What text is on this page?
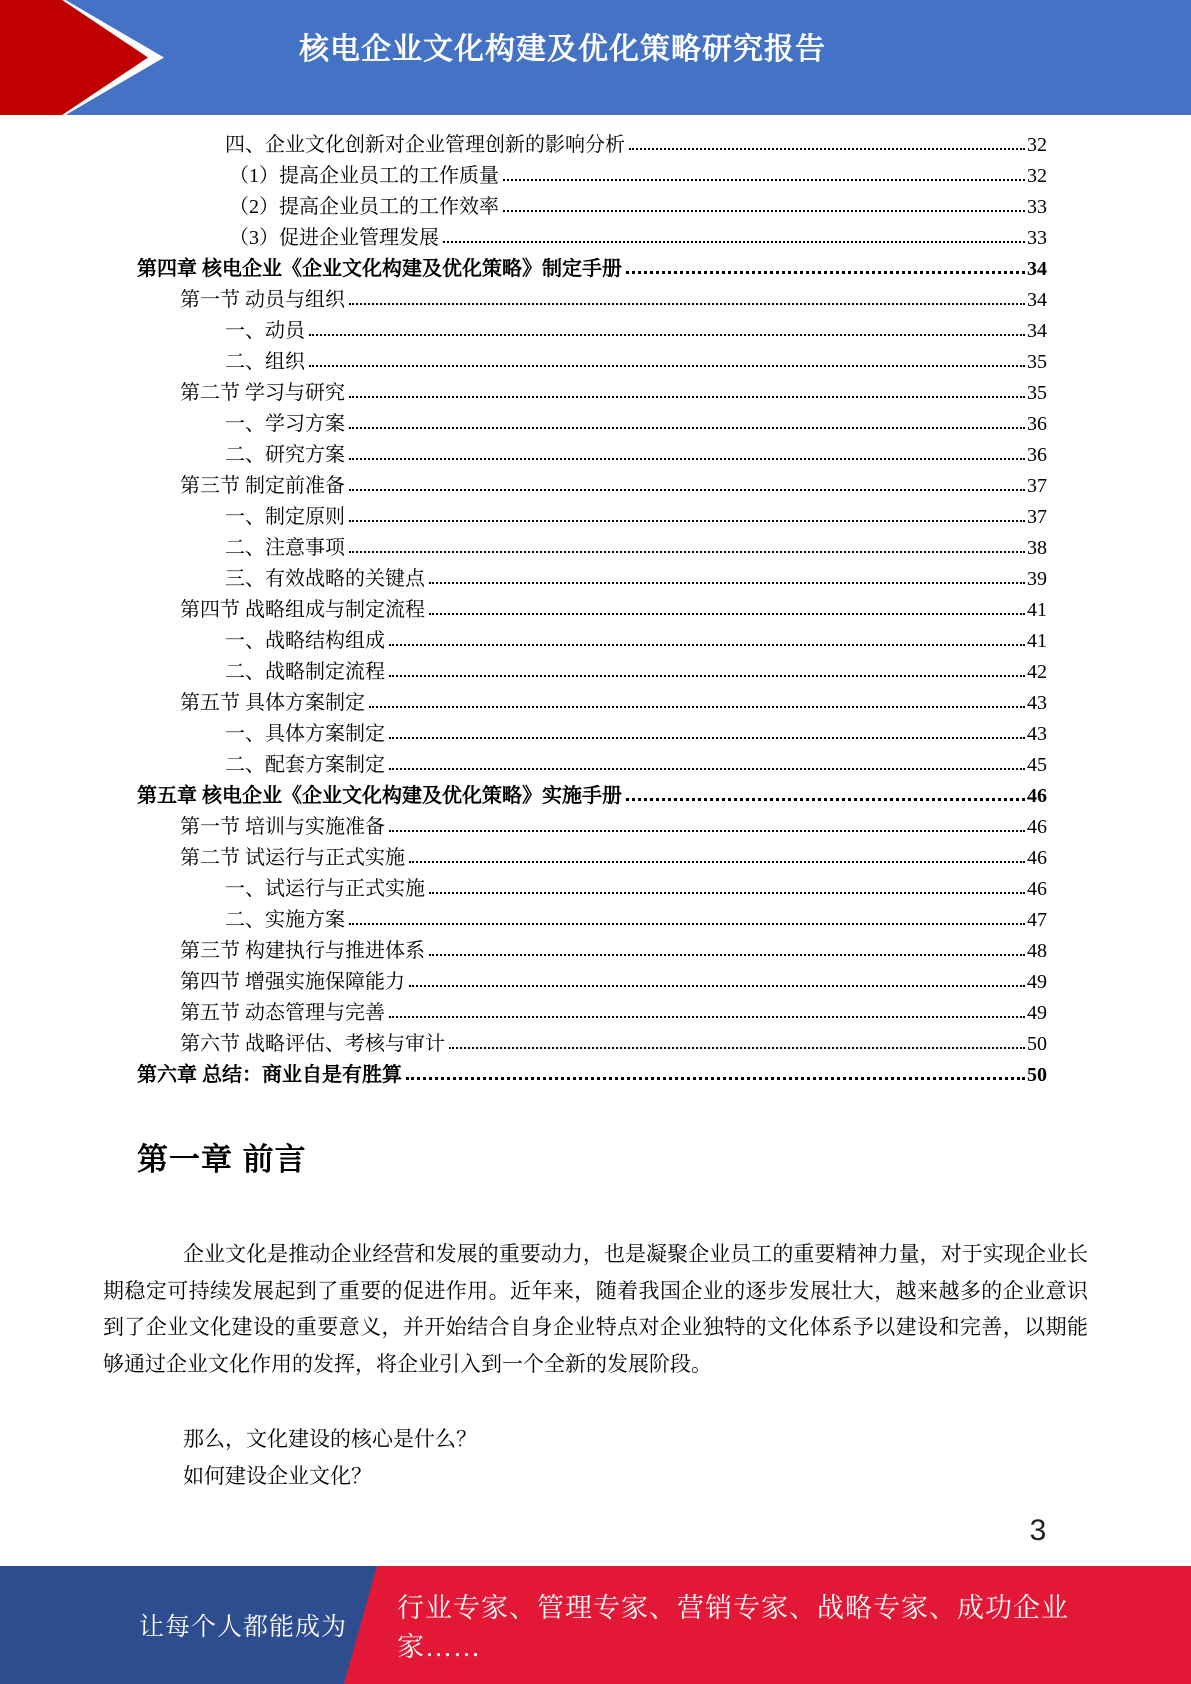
核电企业文化构建及优化策略研究报告
四、企业文化创新对企业管理创新的影响分析	32
（1）提高企业员工的工作质量	32
（2）提高企业员工的工作效率	33
（3）促进企业管理发展	33
第四章 核电企业《企业文化构建及优化策略》制定手册	34
第一节 动员与组织	34
一、动员	34
二、组织	35
第二节 学习与研究	35
一、学习方案	36
二、研究方案	36
第三节 制定前准备	37
一、制定原则	37
二、注意事项	38
三、有效战略的关键点	39
第四节 战略组成与制定流程	41
一、战略结构组成	41
二、战略制定流程	42
第五节 具体方案制定	43
一、具体方案制定	43
二、配套方案制定	45
第五章 核电企业《企业文化构建及优化策略》实施手册	46
第一节 培训与实施准备	46
第二节 试运行与正式实施	46
一、试运行与正式实施	46
二、实施方案	47
第三节 构建执行与推进体系	48
第四节 增强实施保障能力	49
第五节 动态管理与完善	49
第六节 战略评估、考核与审计	50
第六章 总结：商业自是有胜算	50
第一章 前言

企业文化是推动企业经营和发展的重要动力，也是凝聚企业员工的重要精神力量，对于实现企业长期稳定可持续发展起到了重要的促进作用。近年来，随着我国企业的逐步发展壮大，越来越多的企业意识到了企业文化建设的重要意义，并开始结合自身企业特点对企业独特的文化体系予以建设和完善，以期能够通过企业文化作用的发挥，将企业引入到一个全新的发展阶段。

那么，文化建设的核心是什么？
如何建设企业文化？
3
让每个人都能成为
行业专家、管理专家、营销专家、战略专家、成功企业家……
